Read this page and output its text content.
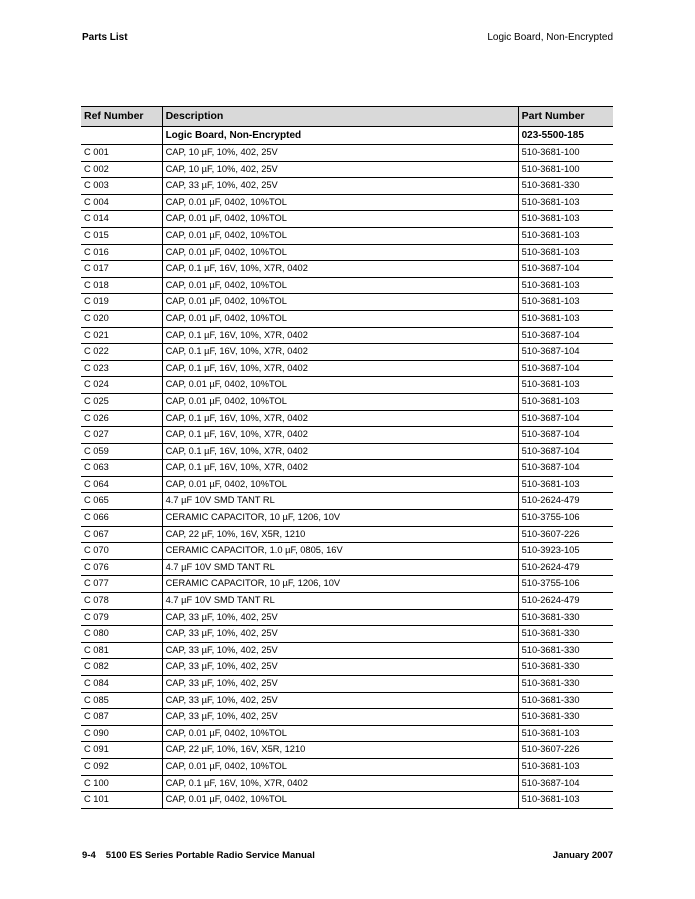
Parts List	Logic Board, Non-Encrypted
Ref Number	Description	Part Number
	Logic Board, Non-Encrypted	023-5500-185
C 001	CAP, 10 µF, 10%, 402, 25V	510-3681-100
C 002	CAP, 10 µF, 10%, 402, 25V	510-3681-100
C 003	CAP, 33 µF, 10%, 402, 25V	510-3681-330
C 004	CAP, 0.01 µF, 0402, 10%TOL	510-3681-103
C 014	CAP, 0.01 µF, 0402, 10%TOL	510-3681-103
C 015	CAP, 0.01 µF, 0402, 10%TOL	510-3681-103
C 016	CAP, 0.01 µF, 0402, 10%TOL	510-3681-103
C 017	CAP, 0.1 µF, 16V, 10%, X7R, 0402	510-3687-104
C 018	CAP, 0.01 µF, 0402, 10%TOL	510-3681-103
C 019	CAP, 0.01 µF, 0402, 10%TOL	510-3681-103
C 020	CAP, 0.01 µF, 0402, 10%TOL	510-3681-103
C 021	CAP, 0.1 µF, 16V, 10%, X7R, 0402	510-3687-104
C 022	CAP, 0.1 µF, 16V, 10%, X7R, 0402	510-3687-104
C 023	CAP, 0.1 µF, 16V, 10%, X7R, 0402	510-3687-104
C 024	CAP, 0.01 µF, 0402, 10%TOL	510-3681-103
C 025	CAP, 0.01 µF, 0402, 10%TOL	510-3681-103
C 026	CAP, 0.1 µF, 16V, 10%, X7R, 0402	510-3687-104
C 027	CAP, 0.1 µF, 16V, 10%, X7R, 0402	510-3687-104
C 059	CAP, 0.1 µF, 16V, 10%, X7R, 0402	510-3687-104
C 063	CAP, 0.1 µF, 16V, 10%, X7R, 0402	510-3687-104
C 064	CAP, 0.01 µF, 0402, 10%TOL	510-3681-103
C 065	4.7 µF 10V SMD TANT RL	510-2624-479
C 066	CERAMIC CAPACITOR, 10 µF, 1206, 10V	510-3755-106
C 067	CAP, 22 µF, 10%, 16V, X5R, 1210	510-3607-226
C 070	CERAMIC CAPACITOR, 1.0 µF, 0805, 16V	510-3923-105
C 076	4.7 µF 10V SMD TANT RL	510-2624-479
C 077	CERAMIC CAPACITOR, 10 µF, 1206, 10V	510-3755-106
C 078	4.7 µF 10V SMD TANT RL	510-2624-479
C 079	CAP, 33 µF, 10%, 402, 25V	510-3681-330
C 080	CAP, 33 µF, 10%, 402, 25V	510-3681-330
C 081	CAP, 33 µF, 10%, 402, 25V	510-3681-330
C 082	CAP, 33 µF, 10%, 402, 25V	510-3681-330
C 084	CAP, 33 µF, 10%, 402, 25V	510-3681-330
C 085	CAP, 33 µF, 10%, 402, 25V	510-3681-330
C 087	CAP, 33 µF, 10%, 402, 25V	510-3681-330
C 090	CAP, 0.01 µF, 0402, 10%TOL	510-3681-103
C 091	CAP, 22 µF, 10%, 16V, X5R, 1210	510-3607-226
C 092	CAP, 0.01 µF, 0402, 10%TOL	510-3681-103
C 100	CAP, 0.1 µF, 16V, 10%, X7R, 0402	510-3687-104
C 101	CAP, 0.01 µF, 0402, 10%TOL	510-3681-103
9-4 5100 ES Series Portable Radio Service Manual	January 2007
